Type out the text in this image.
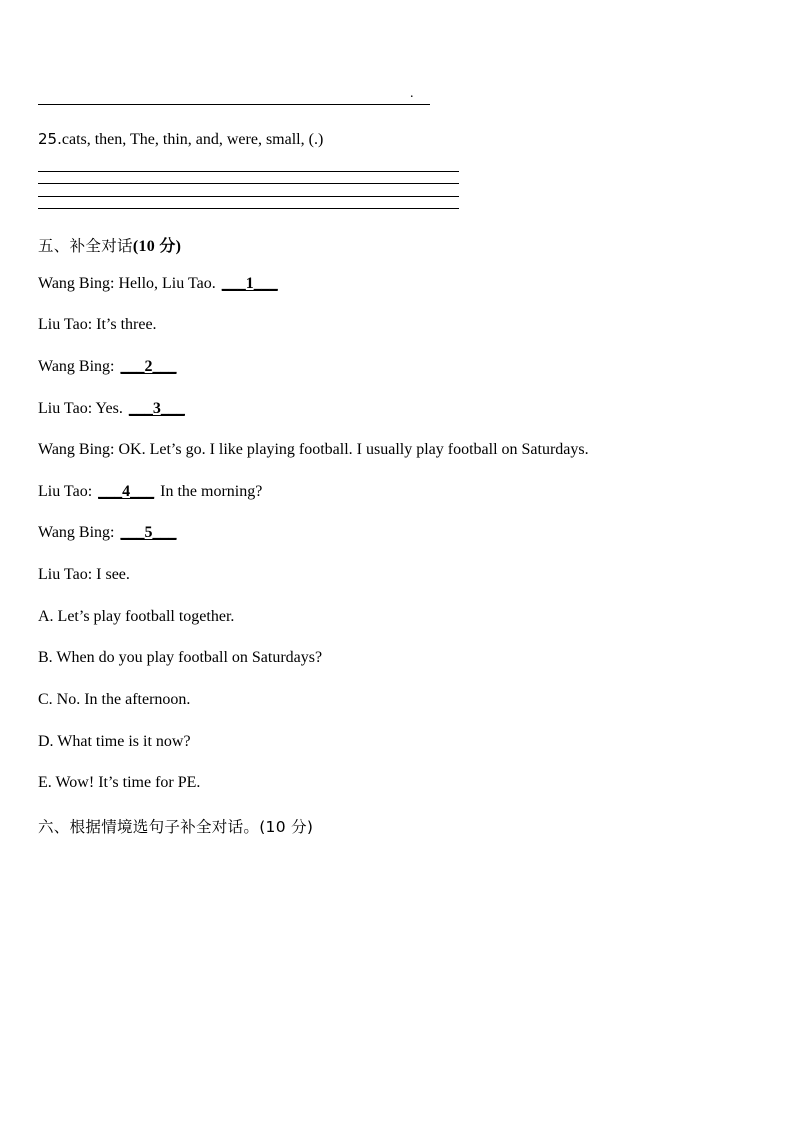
.
25.cats, then, The, thin, and, were, small, (.)
五、补全对话(10 分)
Wang Bing: Hello, Liu Tao. ___1___
Liu Tao: It’s three.
Wang Bing: ___2___
Liu Tao: Yes. ___3___
Wang Bing: OK. Let’s go. I like playing football. I usually play football on Saturdays.
Liu Tao: ___4___ In the morning?
Wang Bing: ___5___
Liu Tao: I see.
A. Let’s play football together.
B. When do you play football on Saturdays?
C. No. In the afternoon.
D. What time is it now?
E. Wow! It’s time for PE.
六、根据情境选句子补全对话。(10 分)
